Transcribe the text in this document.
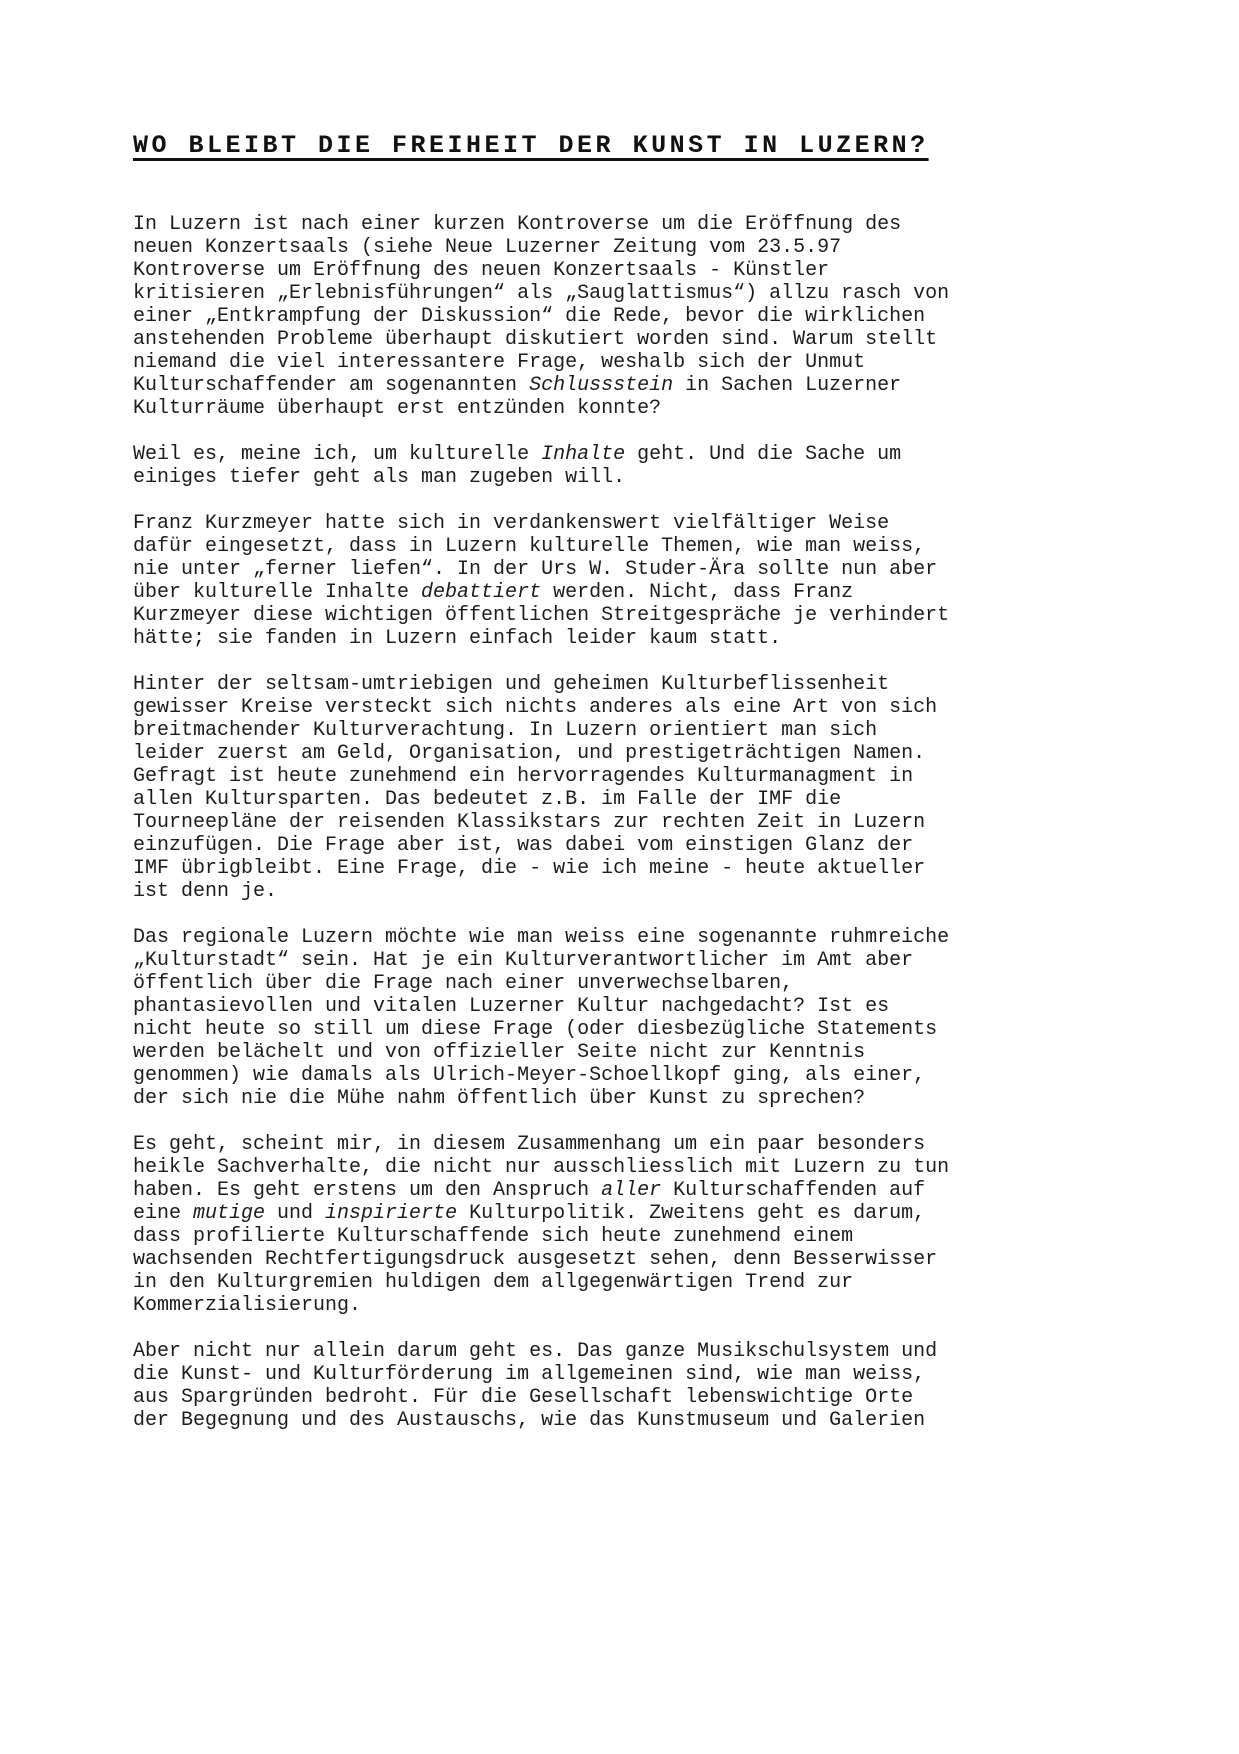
WO BLEIBT DIE FREIHEIT DER KUNST IN LUZERN?

In Luzern ist nach einer kurzen Kontroverse um die Eröffnung des
neuen Konzertsaals (siehe Neue Luzerner Zeitung vom 23.5.97
Kontroverse um Eröffnung des neuen Konzertsaals - Künstler
kritisieren „Erlebnisführungen“ als „Sauglattismus“) allzu rasch von
einer „Entkrampfung der Diskussion“ die Rede, bevor die wirklichen
anstehenden Probleme überhaupt diskutiert worden sind. Warum stellt
niemand die viel interessantere Frage, weshalb sich der Unmut
Kulturschaffender am sogenannten Schlussstein in Sachen Luzerner
Kulturräume überhaupt erst entzünden konnte?

Weil es, meine ich, um kulturelle Inhalte geht. Und die Sache um
einiges tiefer geht als man zugeben will.

Franz Kurzmeyer hatte sich in verdankenswert vielfältiger Weise
dafür eingesetzt, dass in Luzern kulturelle Themen, wie man weiss,
nie unter „ferner liefen“. In der Urs W. Studer-Ära sollte nun aber
über kulturelle Inhalte debattiert werden. Nicht, dass Franz
Kurzmeyer diese wichtigen öffentlichen Streitgespräche je verhindert
hätte; sie fanden in Luzern einfach leider kaum statt.

Hinter der seltsam-umtriebigen und geheimen Kulturbeflissenheit
gewisser Kreise versteckt sich nichts anderes als eine Art von sich
breitmachender Kulturverachtung. In Luzern orientiert man sich
leider zuerst am Geld, Organisation, und prestigeträchtigen Namen.
Gefragt ist heute zunehmend ein hervorragendes Kulturmanagment in
allen Kultursparten. Das bedeutet z.B. im Falle der IMF die
Tourneepläne der reisenden Klassikstars zur rechten Zeit in Luzern
einzufügen. Die Frage aber ist, was dabei vom einstigen Glanz der
IMF übrigbleibt. Eine Frage, die - wie ich meine - heute aktueller
ist denn je.

Das regionale Luzern möchte wie man weiss eine sogenannte ruhmreiche
„Kulturstadt“ sein. Hat je ein Kulturverantwortlicher im Amt aber
öffentlich über die Frage nach einer unverwechselbaren,
phantasievollen und vitalen Luzerner Kultur nachgedacht? Ist es
nicht heute so still um diese Frage (oder diesbezügliche Statements
werden belächelt und von offizieller Seite nicht zur Kenntnis
genommen) wie damals als Ulrich-Meyer-Schoellkopf ging, als einer,
der sich nie die Mühe nahm öffentlich über Kunst zu sprechen?

Es geht, scheint mir, in diesem Zusammenhang um ein paar besonders
heikle Sachverhalte, die nicht nur ausschliesslich mit Luzern zu tun
haben. Es geht erstens um den Anspruch aller Kulturschaffenden auf
eine mutige und inspirierte Kulturpolitik. Zweitens geht es darum,
dass profilierte Kulturschaffende sich heute zunehmend einem
wachsenden Rechtfertigungsdruck ausgesetzt sehen, denn Besserwisser
in den Kulturgremien huldigen dem allgegenwärtigen Trend zur
Kommerzialisierung.

Aber nicht nur allein darum geht es. Das ganze Musikschulsystem und
die Kunst- und Kulturförderung im allgemeinen sind, wie man weiss,
aus Spargründen bedroht. Für die Gesellschaft lebenswichtige Orte
der Begegnung und des Austauschs, wie das Kunstmuseum und Galerien
